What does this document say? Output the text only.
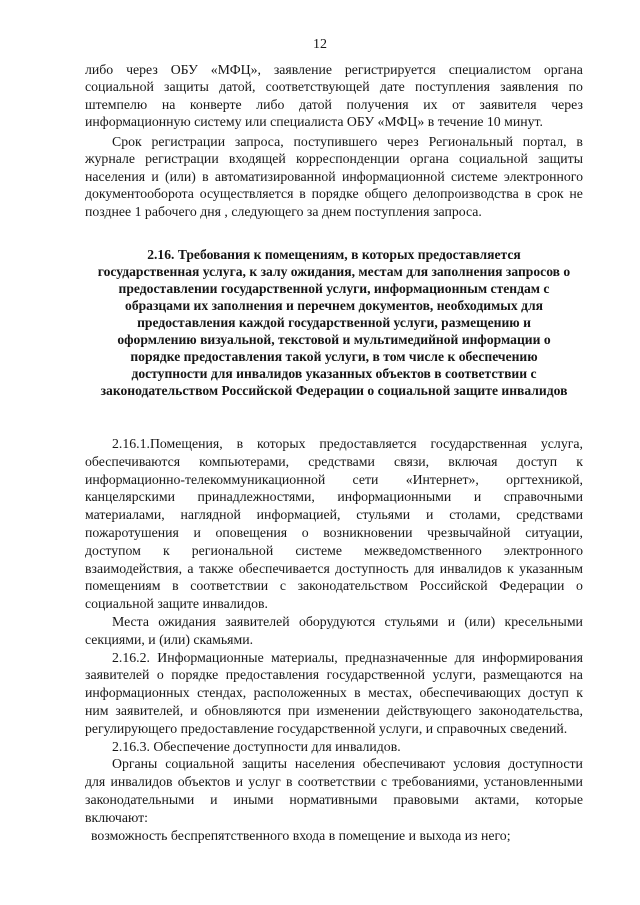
12
либо через ОБУ «МФЦ», заявление регистрируется специалистом органа
социальной защиты датой, соответствующей дате поступления заявления по
штемпелю на конверте либо датой получения их от заявителя через
информационную систему или специалиста ОБУ «МФЦ» в течение 10 минут.
Срок регистрации запроса, поступившего через Региональный портал, в
журнале регистрации входящей корреспонденции органа социальной защиты
населения и (или) в автоматизированной информационной системе электронного
документооборота осуществляется в порядке общего делопроизводства в срок не
позднее 1 рабочего дня , следующего за днем поступления запроса.
2.16. Требования к помещениям, в которых предоставляется
государственная услуга, к залу ожидания, местам для заполнения запросов о
предоставлении государственной услуги, информационным стендам с
образцами их заполнения и перечнем документов, необходимых для
предоставления каждой государственной услуги, размещению и
оформлению визуальной, текстовой и мультимедийной информации о
порядке предоставления такой услуги, в том числе к обеспечению
доступности для инвалидов указанных объектов в соответствии с
законодательством Российской Федерации о социальной защите инвалидов
2.16.1.Помещения, в которых предоставляется государственная услуга,
обеспечиваются компьютерами, средствами связи, включая доступ к
информационно-телекоммуникационной сети «Интернет», оргтехникой,
канцелярскими принадлежностями, информационными и справочными
материалами, наглядной информацией, стульями и столами, средствами
пожаротушения и оповещения о возникновении чрезвычайной ситуации,
доступом к региональной системе межведомственного электронного
взаимодействия, а также обеспечивается доступность для инвалидов к указанным
помещениям в соответствии с законодательством Российской Федерации о
социальной защите инвалидов.
Места ожидания заявителей оборудуются стульями и (или) кресельными
секциями, и (или) скамьями.
2.16.2. Информационные материалы, предназначенные для информирования
заявителей о порядке предоставления государственной услуги, размещаются на
информационных стендах, расположенных в местах, обеспечивающих доступ к
ним заявителей, и обновляются при изменении действующего законодательства,
регулирующего предоставление государственной услуги, и справочных сведений.
2.16.3. Обеспечение доступности для инвалидов.
Органы социальной защиты населения обеспечивают условия доступности
для инвалидов объектов и услуг в соответствии с требованиями, установленными
законодательными и иными нормативными правовыми актами, которые
включают:
возможность беспрепятственного входа в помещение и выхода из него;
